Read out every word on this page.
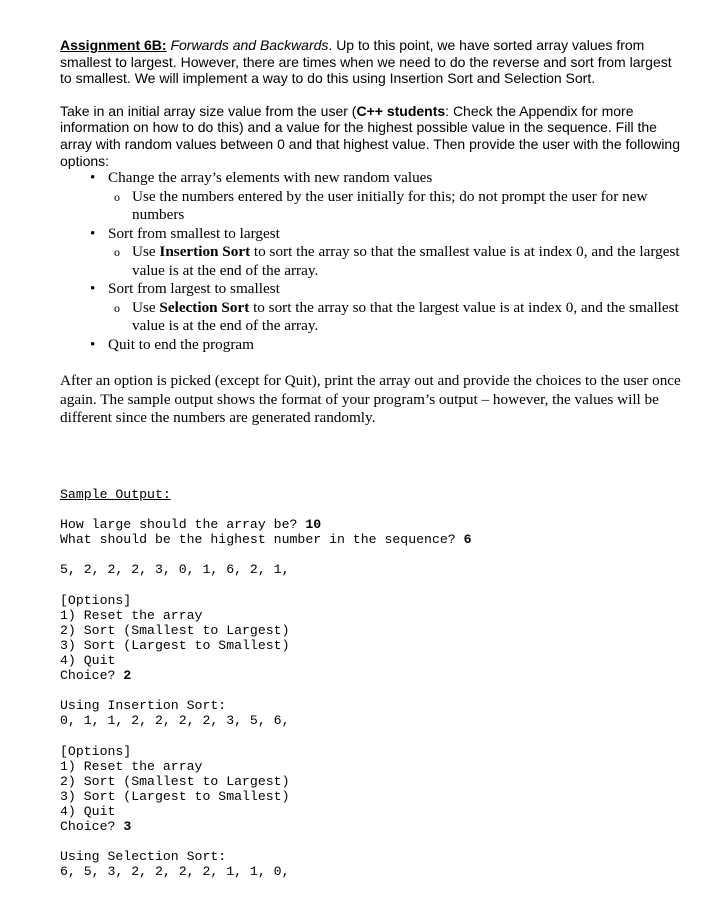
Assignment 6B: Forwards and Backwards. Up to this point, we have sorted array values from smallest to largest. However, there are times when we need to do the reverse and sort from largest to smallest. We will implement a way to do this using Insertion Sort and Selection Sort.

Take in an initial array size value from the user (C++ students: Check the Appendix for more information on how to do this) and a value for the highest possible value in the sequence. Fill the array with random values between 0 and that highest value. Then provide the user with the following options:

• Change the array’s elements with new random values
o Use the numbers entered by the user initially for this; do not prompt the user for new numbers
• Sort from smallest to largest
o Use Insertion Sort to sort the array so that the smallest value is at index 0, and the largest value is at the end of the array.
• Sort from largest to smallest
o Use Selection Sort to sort the array so that the largest value is at index 0, and the smallest value is at the end of the array.
• Quit to end the program

After an option is picked (except for Quit), print the array out and provide the choices to the user once again. The sample output shows the format of your program’s output – however, the values will be different since the numbers are generated randomly.

Sample Output:
How large should the array be? 10
What should be the highest number in the sequence? 6
5, 2, 2, 2, 3, 0, 1, 6, 2, 1,
[Options]
1) Reset the array
2) Sort (Smallest to Largest)
3) Sort (Largest to Smallest)
4) Quit
Choice? 2
Using Insertion Sort:
0, 1, 1, 2, 2, 2, 2, 3, 5, 6,
[Options]
1) Reset the array
2) Sort (Smallest to Largest)
3) Sort (Largest to Smallest)
4) Quit
Choice? 3
Using Selection Sort:
6, 5, 3, 2, 2, 2, 2, 1, 1, 0,
